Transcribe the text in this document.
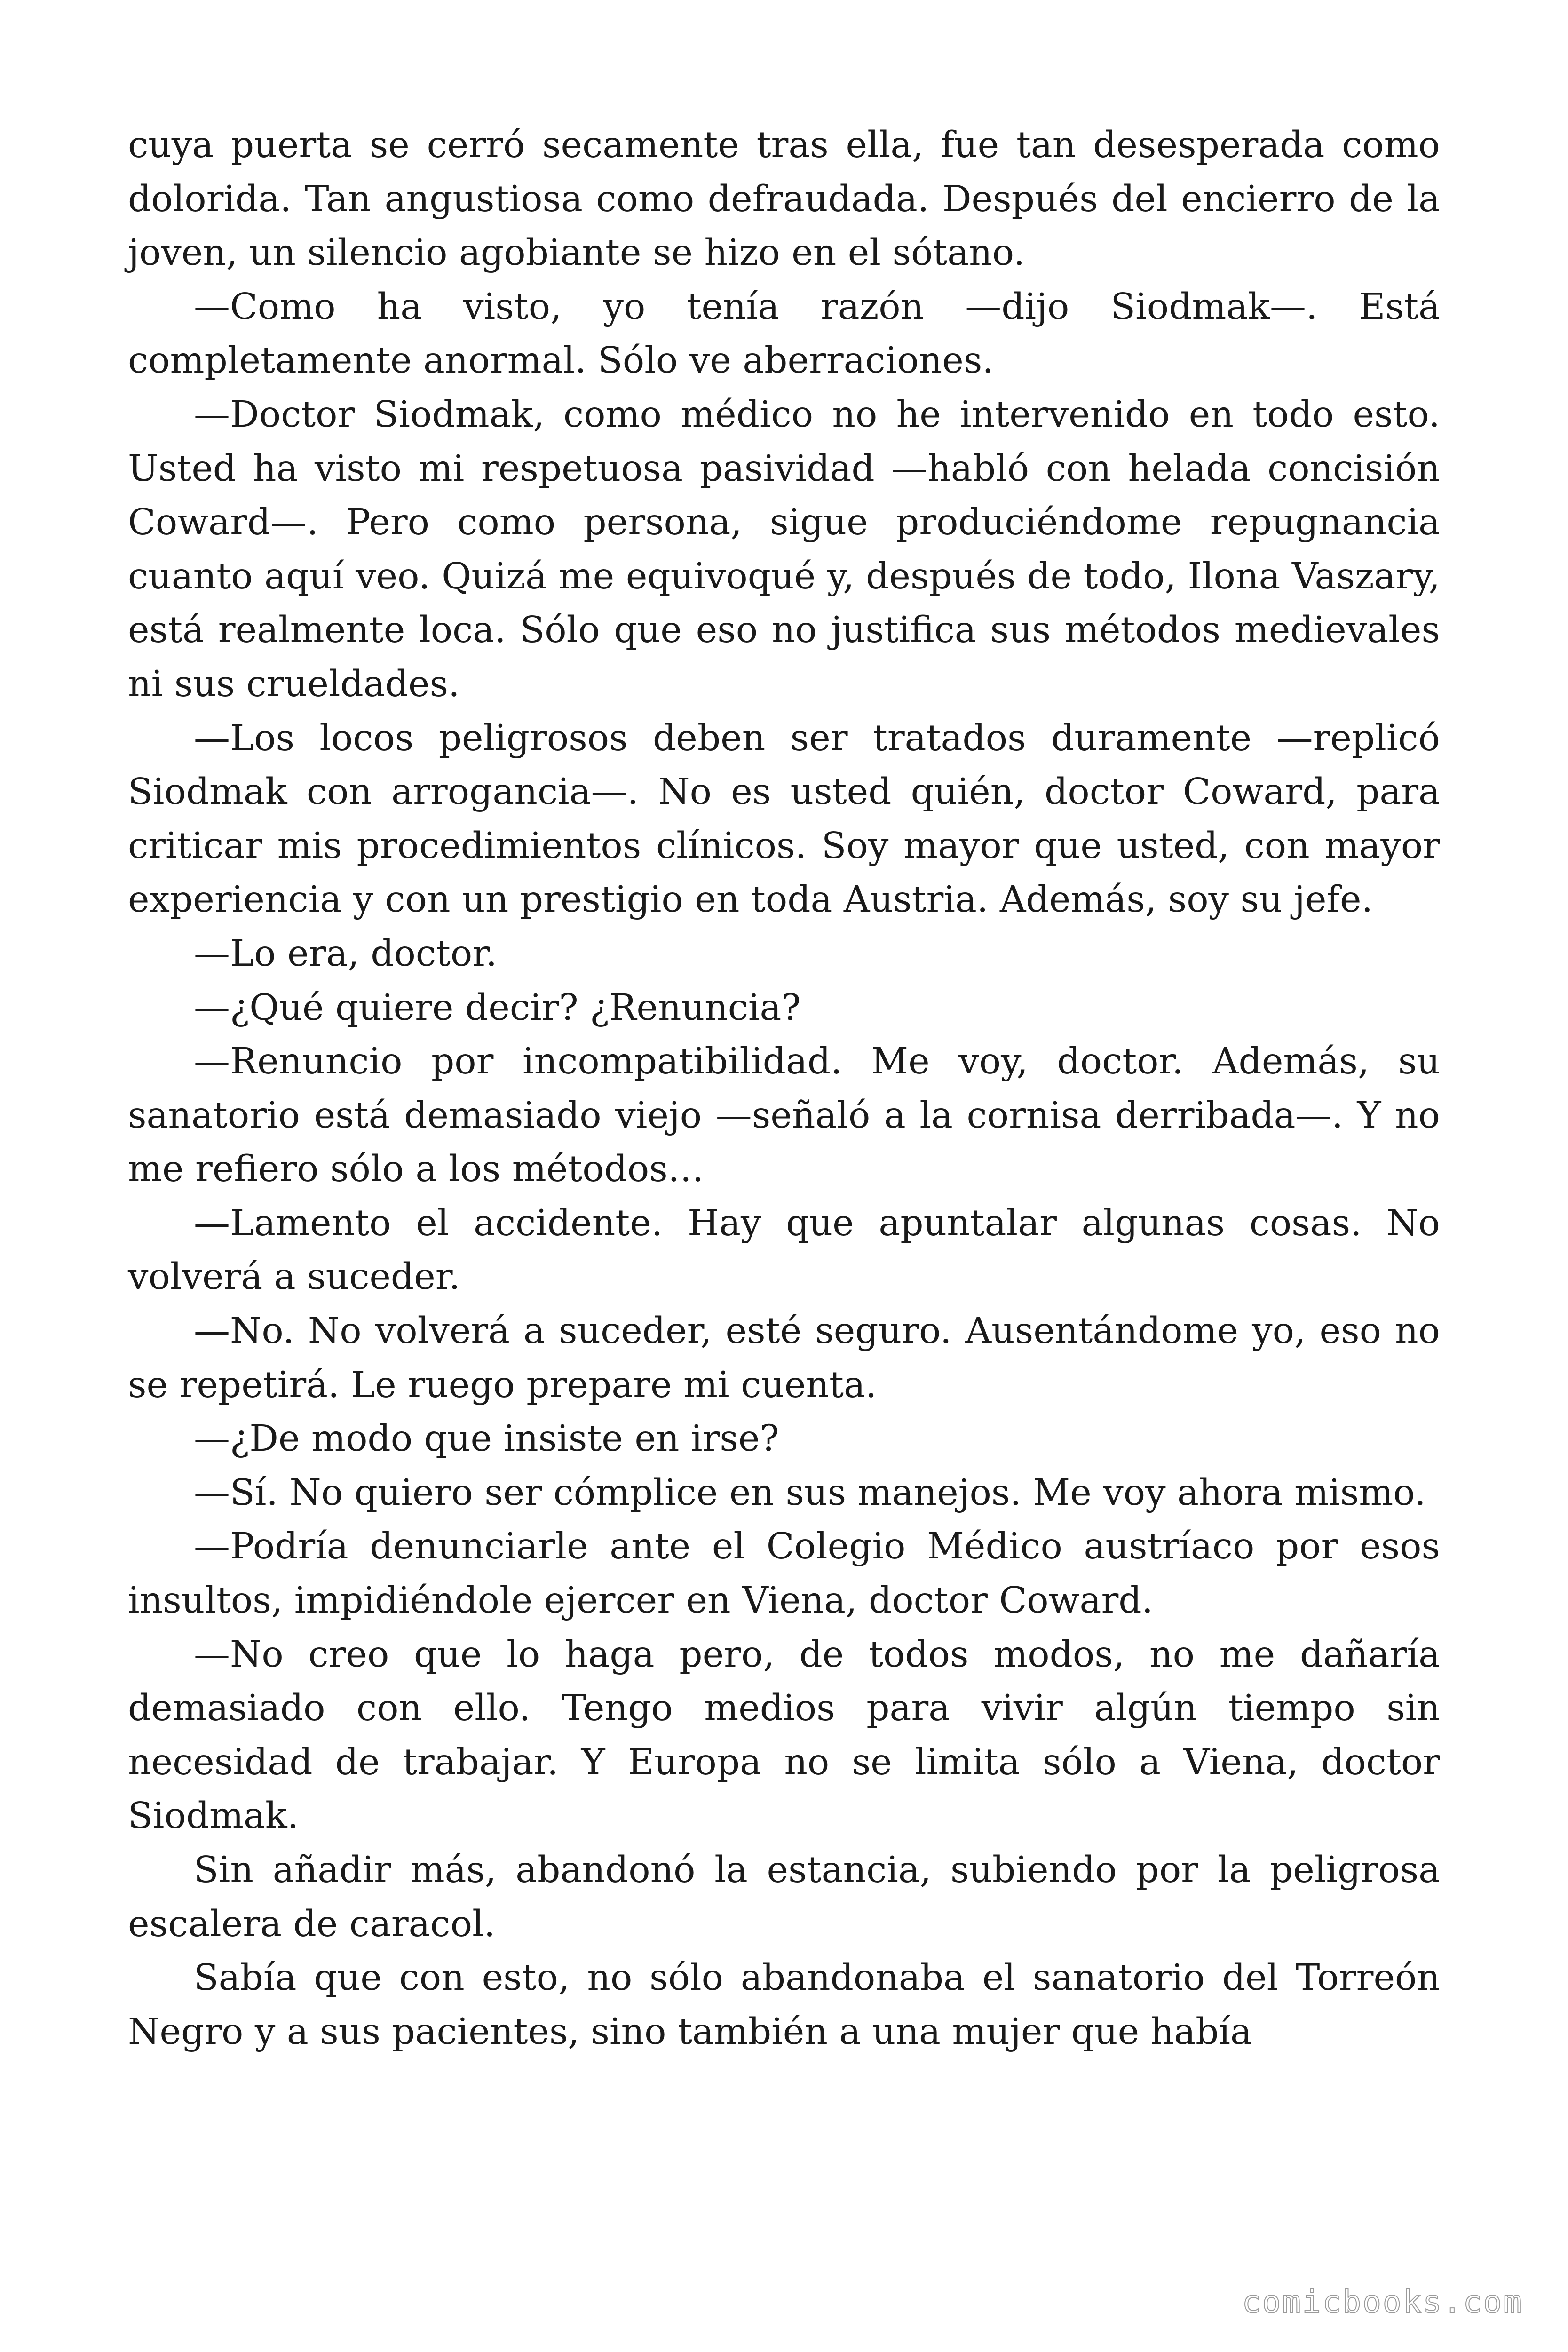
cuya puerta se cerró secamente tras ella, fue tan desesperada como dolorida. Tan angustiosa como defraudada. Después del encierro de la joven, un silencio agobiante se hizo en el sótano.

—Como ha visto, yo tenía razón —dijo Siodmak—. Está completamente anormal. Sólo ve aberraciones.

—Doctor Siodmak, como médico no he intervenido en todo esto. Usted ha visto mi respetuosa pasividad —habló con helada concisión Coward—. Pero como persona, sigue produciéndome repugnancia cuanto aquí veo. Quizá me equivoqué y, después de todo, Ilona Vaszary, está realmente loca. Sólo que eso no justifica sus métodos medievales ni sus crueldades.

—Los locos peligrosos deben ser tratados duramente —replicó Siodmak con arrogancia—. No es usted quién, doctor Coward, para criticar mis procedimientos clínicos. Soy mayor que usted, con mayor experiencia y con un prestigio en toda Austria. Además, soy su jefe.

—Lo era, doctor.

—¿Qué quiere decir? ¿Renuncia?

—Renuncio por incompatibilidad. Me voy, doctor. Además, su sanatorio está demasiado viejo —señaló a la cornisa derribada—. Y no me refiero sólo a los métodos…

—Lamento el accidente. Hay que apuntalar algunas cosas. No volverá a suceder.

—No. No volverá a suceder, esté seguro. Ausentándome yo, eso no se repetirá. Le ruego prepare mi cuenta.

—¿De modo que insiste en irse?

—Sí. No quiero ser cómplice en sus manejos. Me voy ahora mismo.

—Podría denunciarle ante el Colegio Médico austríaco por esos insultos, impidiéndole ejercer en Viena, doctor Coward.

—No creo que lo haga pero, de todos modos, no me dañaría demasiado con ello. Tengo medios para vivir algún tiempo sin necesidad de trabajar. Y Europa no se limita sólo a Viena, doctor Siodmak.

Sin añadir más, abandonó la estancia, subiendo por la peligrosa escalera de caracol.

Sabía que con esto, no sólo abandonaba el sanatorio del Torreón Negro y a sus pacientes, sino también a una mujer que había

comicbooks.com
